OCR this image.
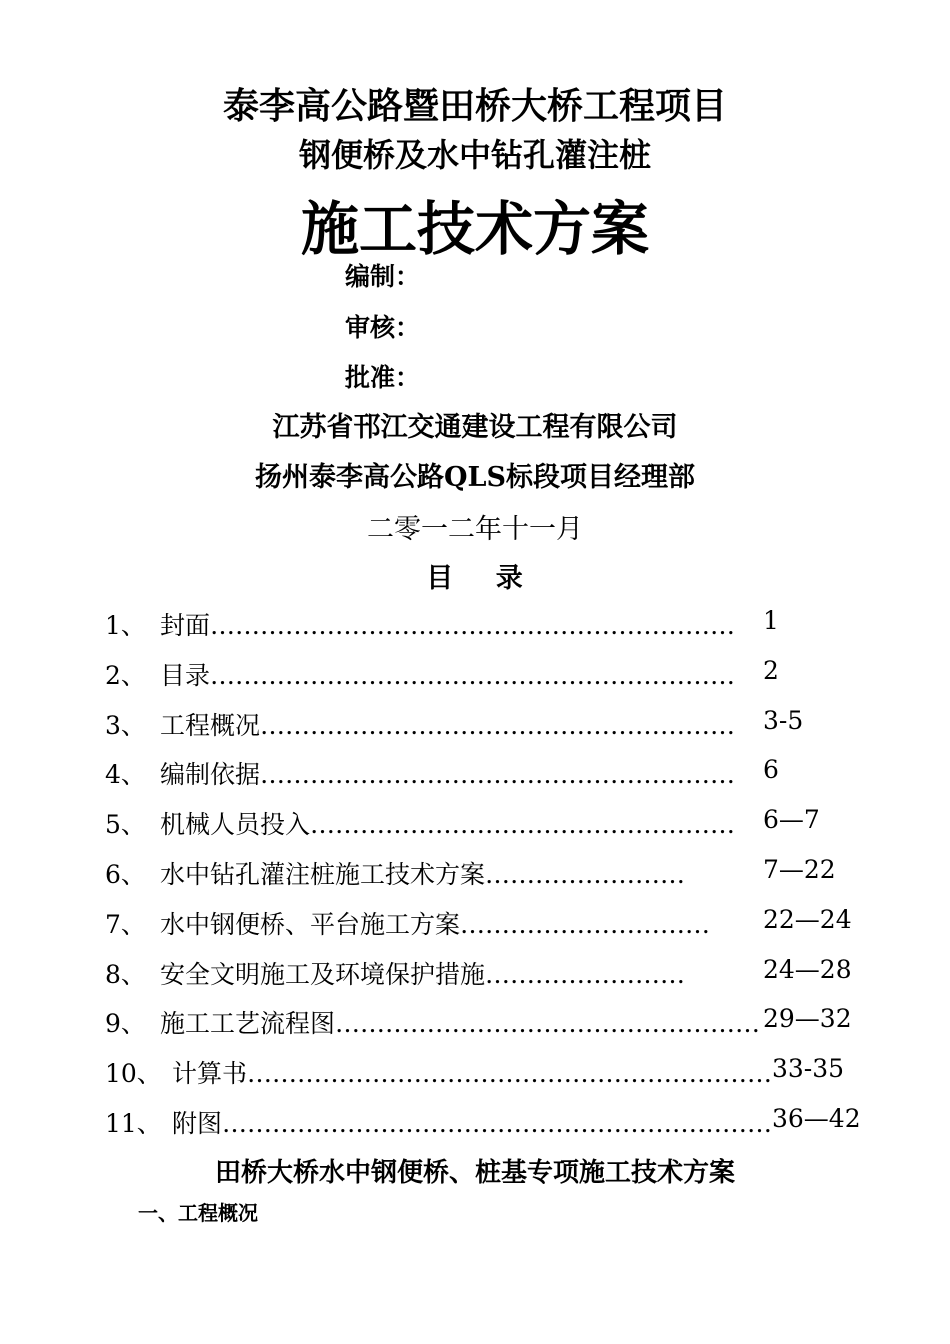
泰李高公路暨田桥大桥工程项目
钢便桥及水中钻孔灌注桩
施工技术方案
编制：
审核：
批准：
江苏省邗江交通建设工程有限公司
扬州泰李高公路QLS标段项目经理部
二零一二年十一月
目    录
1、 封面………………………………………………………	1
2、 目录………………………………………………………	2
3、 工程概况…………………………………………………	3-5
4、 编制依据…………………………………………………	6
5、 机械人员投入……………………………………………	6—7
6、 水中钻孔灌注桩施工技术方案……………………	7—22
7、 水中钢便桥、平台施工方案…………………………	22—24
8、 安全文明施工及环境保护措施……………………	24—28
9、 施工工艺流程图…………………………………………… 29—32
10、 计算书……………………………………………………… 33-35
11、 附图………………………………………………………… 36—42
田桥大桥水中钢便桥、桩基专项施工技术方案
一、工程概况
